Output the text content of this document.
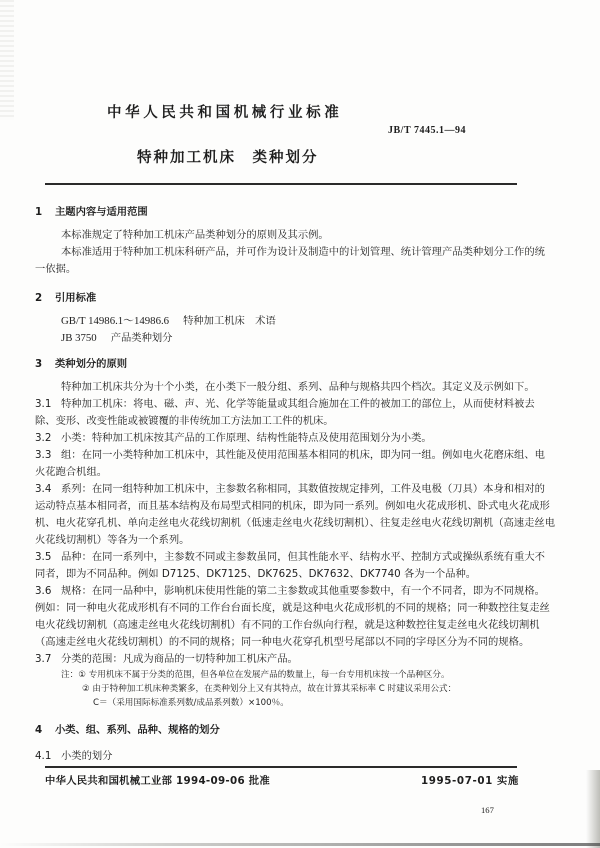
中华人民共和国机械行业标准
JB/T 7445.1—94
特种加工机床　类种划分
1 主题内容与适用范围

本标准规定了特种加工机床产品类种划分的原则及其示例。

本标准适用于特种加工机床科研产品，并可作为设计及制造中的计划管理、统计管理产品类种划分工作的统一依据。

2 引用标准

GB/T 14986.1～14986.6 特种加工机床　术语

JB 3750 产品类种划分

3 类种划分的原则

特种加工机床共分为十个小类，在小类下一般分组、系列、品种与规格共四个档次。其定义及示例如下。

3.1 特种加工机床：将电、磁、声、光、化学等能量或其组合施加在工件的被加工的部位上，从而使材料被去除、变形、改变性能或被镀覆的非传统加工方法加工工件的机床。

3.2 小类：特种加工机床按其产品的工作原理、结构性能特点及使用范围划分为小类。

3.3 组：在同一小类特种加工机床中，其性能及使用范围基本相同的机床，即为同一组。例如电火花磨床组、电火花跑合机组。

3.4 系列：在同一组特种加工机床中，主参数名称相同，其数值按规定排列，工件及电极（刀具）本身和相对的运动特点基本相同者，而且基本结构及布局型式相同的机床，即为同一系列。例如电火花成形机、卧式电火花成形机、电火花穿孔机、单向走丝电火花线切割机（低速走丝电火花线切割机）、往复走丝电火花线切割机（高速走丝电火花线切割机）等各为一个系列。

3.5 品种：在同一系列中，主参数不同或主参数虽同，但其性能水平、结构水平、控制方式或操纵系统有重大不同者，即为不同品种。例如 D7125、DK7125、DK7625、DK7632、DK7740 各为一个品种。

3.6 规格：在同一品种中，影响机床使用性能的第二主参数或其他重要参数中，有一个不同者，即为不同规格。例如：同一种电火花成形机有不同的工作台台面长度，就是这种电火花成形机的不同的规格；同一种数控往复走丝电火花线切割机（高速走丝电火花线切割机）有不同的工作台纵向行程，就是这种数控往复走丝电火花线切割机（高速走丝电火花线切割机）的不同的规格；同一种电火花穿孔机型号尾部以不同的字母区分为不同的规格。

3.7 分类的范围：凡成为商品的一切特种加工机床产品。

注：① 专用机床不属于分类的范围，但各单位在发展产品的数量上，每一台专用机床按一个品种区分。

② 由于特种加工机床种类繁多，在类种划分上又有其特点，故在计算其采标率 C 时建议采用公式：

C＝（采用国际标准系列数/成品系列数）×100％。

4 小类、组、系列、品种、规格的划分

4.1 小类的划分

中华人民共和国机械工业部 1994-09-06 批准	1995-07-01 实施
167
